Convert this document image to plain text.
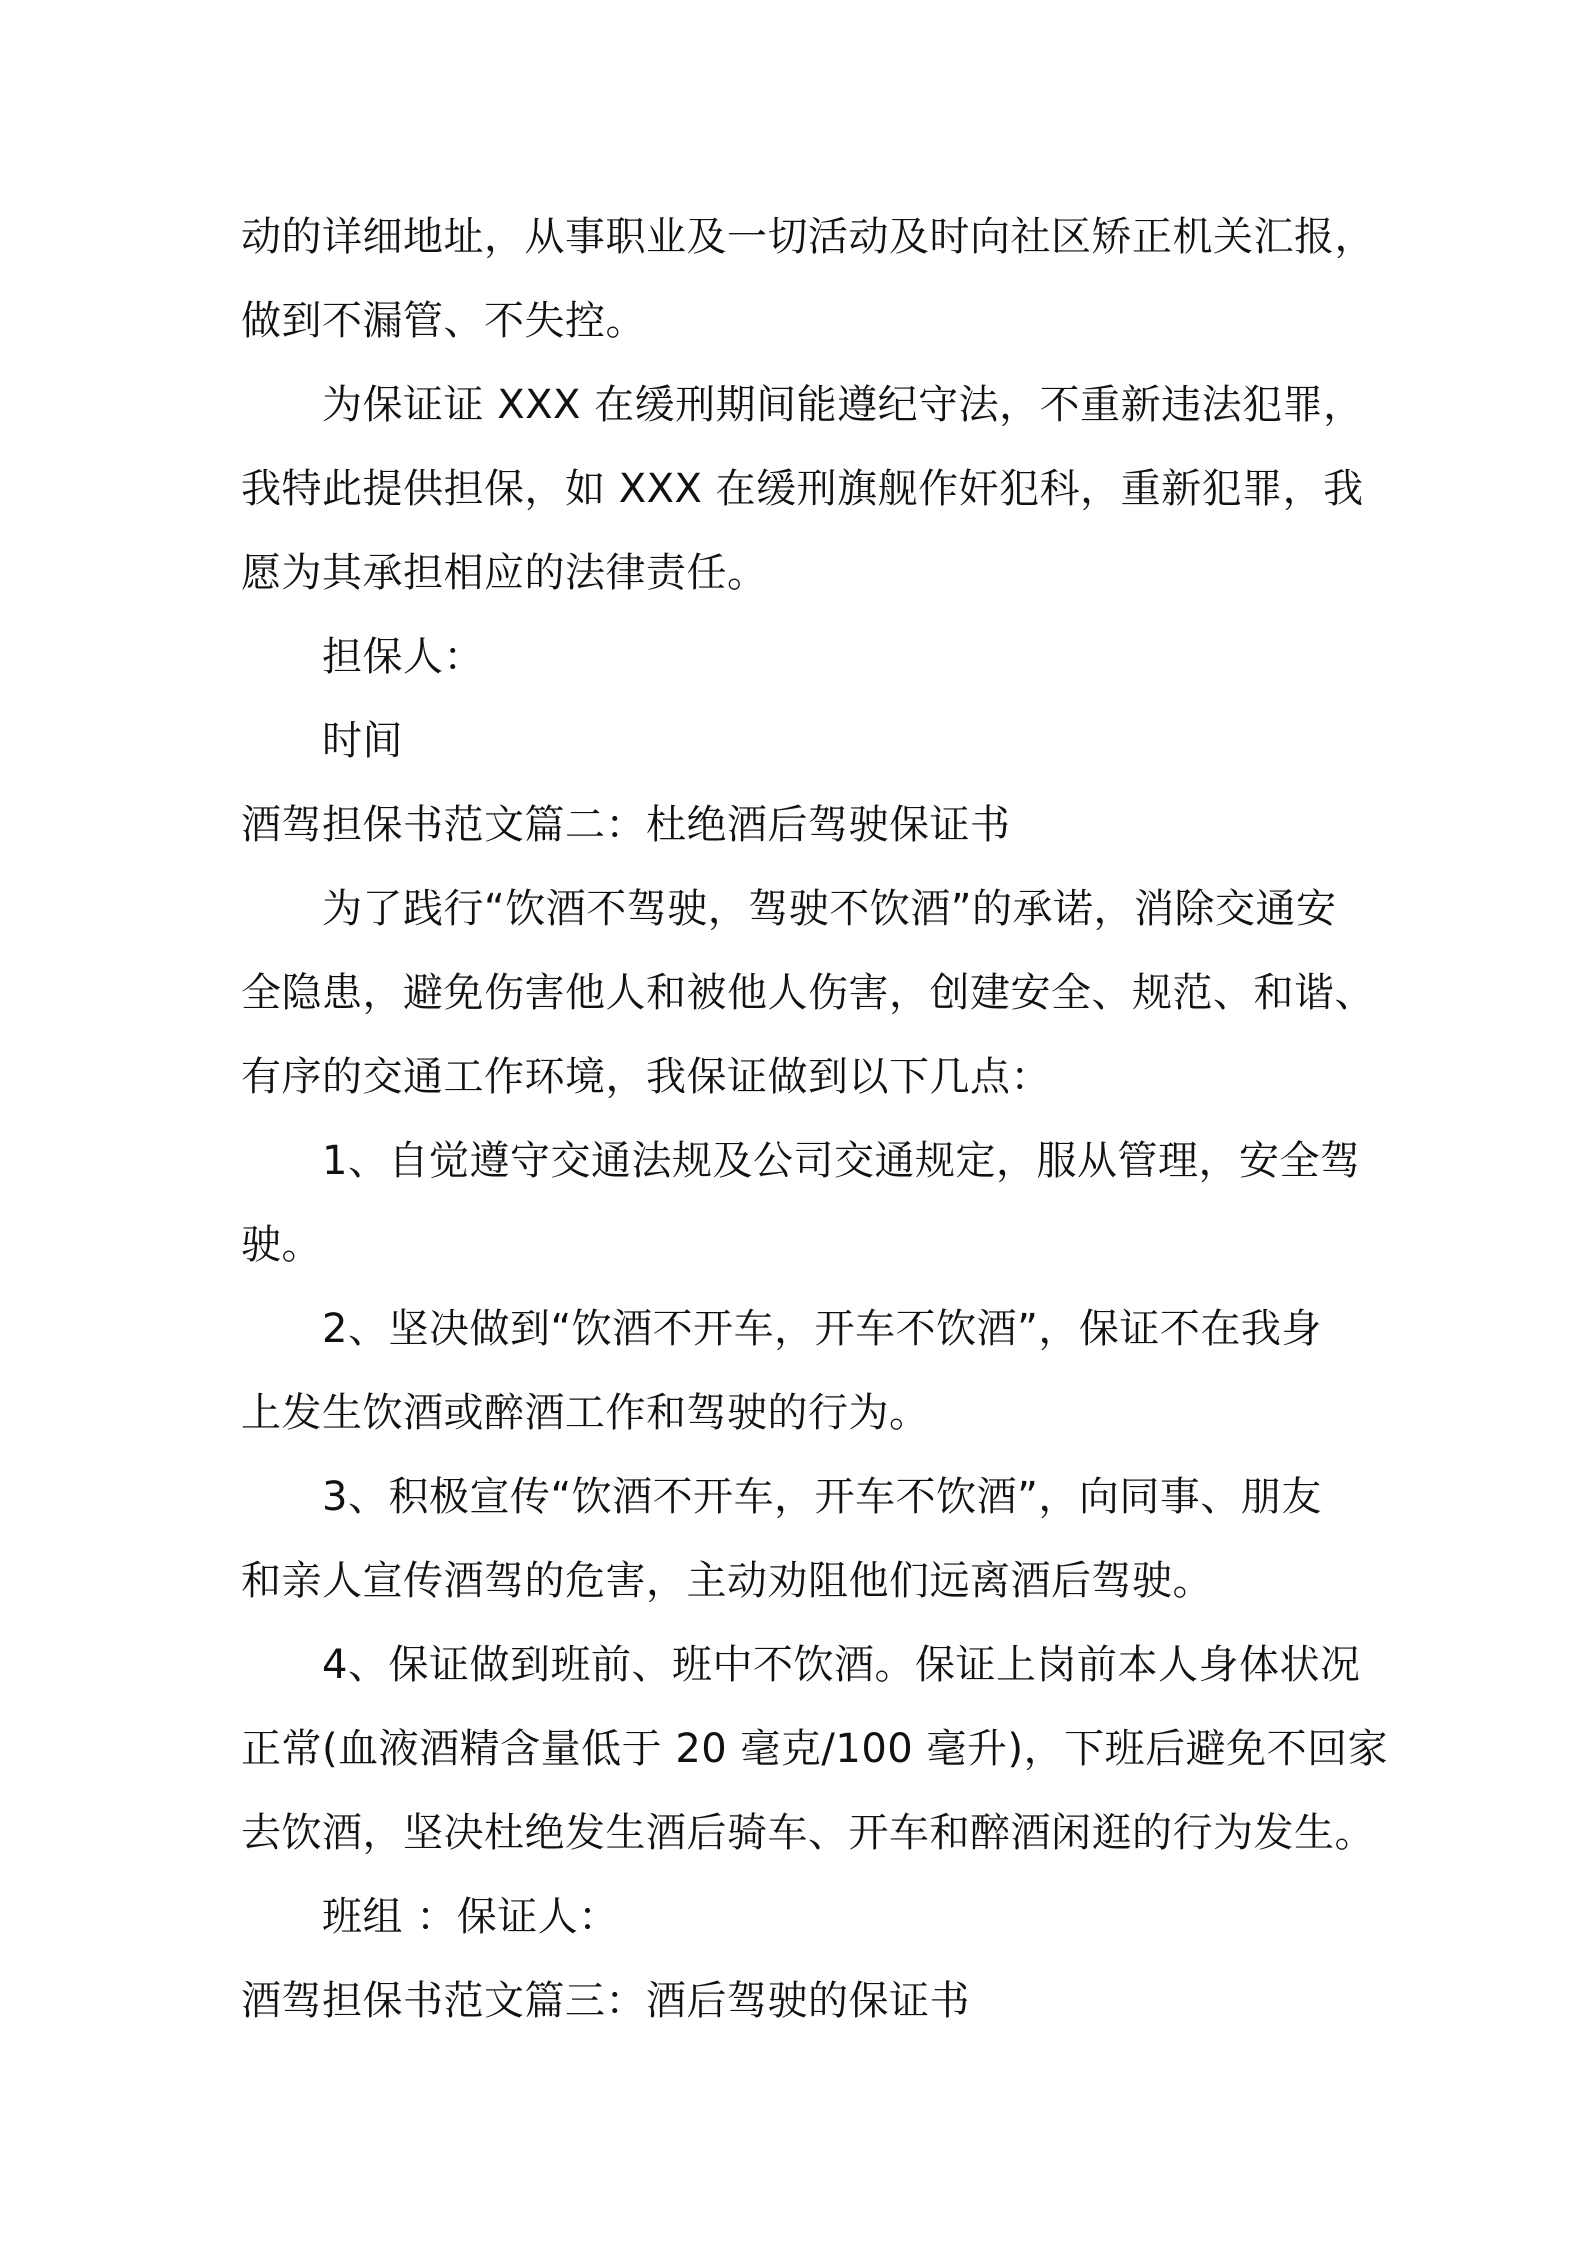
动的详细地址，从事职业及一切活动及时向社区矫正机关汇报，
做到不漏管、不失控。

为保证证 XXX 在缓刑期间能遵纪守法，不重新违法犯罪，
我特此提供担保，如 XXX 在缓刑旗舰作奸犯科，重新犯罪，我
愿为其承担相应的法律责任。

担保人：

时间

酒驾担保书范文篇二：杜绝酒后驾驶保证书

为了践行“饮酒不驾驶，驾驶不饮酒”的承诺，消除交通安
全隐患，避免伤害他人和被他人伤害，创建安全、规范、和谐、
有序的交通工作环境，我保证做到以下几点：

1、自觉遵守交通法规及公司交通规定，服从管理，安全驾
驶。

2、坚决做到“饮酒不开车，开车不饮酒”，保证不在我身
上发生饮酒或醉酒工作和驾驶的行为。

3、积极宣传“饮酒不开车，开车不饮酒”，向同事、朋友
和亲人宣传酒驾的危害，主动劝阻他们远离酒后驾驶。

4、保证做到班前、班中不饮酒。保证上岗前本人身体状况
正常(血液酒精含量低于 20 毫克/100 毫升)，下班后避免不回家
去饮酒，坚决杜绝发生酒后骑车、开车和醉酒闲逛的行为发生。

班组 ：保证人：

酒驾担保书范文篇三：酒后驾驶的保证书
